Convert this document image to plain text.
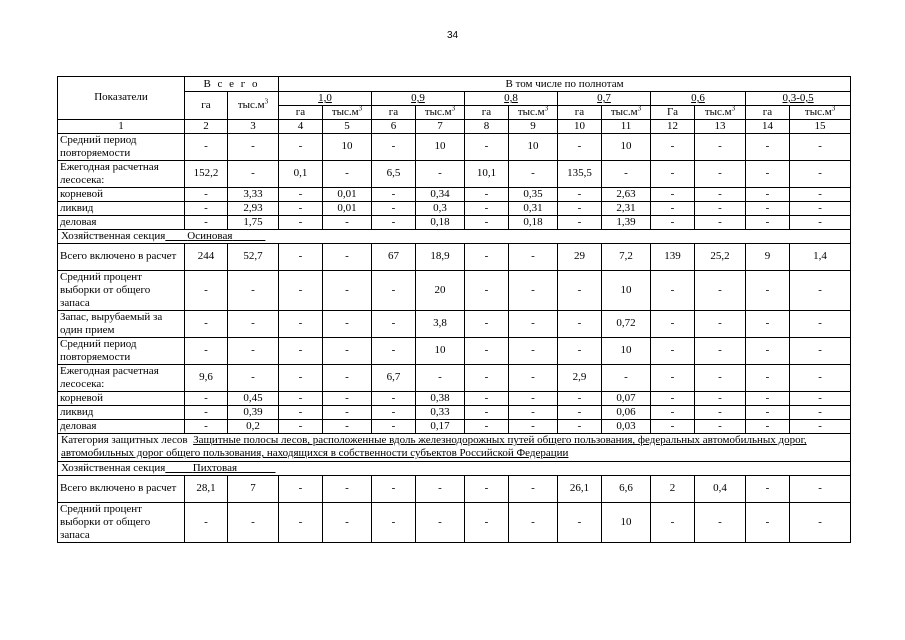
34
Показатели	В с е г о		В том числе по полнотам											
	га	$тыс.м^3$	1,0		0,9		0,8		0,7		0,6		0,3-0,5	
			га	$тыс.м^3$	га	$тыс.м^3$	га	$тыс.м^3$	га	$тыс.м^3$	Га	$тыс.м^3$	га	$тыс.м^3$
1	2	3	4	5	6	7	8	9	10	11	12	13	14	15
Средний период повторяемости	-	-	-	10	-	10	-	10	-	10	-	-	-	-
Ежегодная расчетная лесосека:	152,2	-	0,1	-	6,5	-	10,1	-	135,5	-	-	-	-	-
корневой	-	3,33	-	0,01	-	0,34	-	0,35	-	2,63	-	-	-	-
ликвид	-	2,93	-	0,01	-	0,3	-	0,31	-	2,31	-	-	-	-
деловая	-	1,75	-	-	-	0,18	-	0,18	-	1,39	-	-	-	-
Хозяйственная секция Осиновая														
Всего включено в расчет	244	52,7	-	-	67	18,9	-	-	29	7,2	139	25,2	9	1,4
Средний процент выборки от общего запаса	-	-	-	-	-	20	-	-	-	10	-	-	-	-
Запас, вырубаемый за один прием	-	-	-	-	-	3,8	-	-	-	0,72	-	-	-	-
Средний период повторяемости	-	-	-	-	-	10	-	-	-	10	-	-	-	-
Ежегодная расчетная лесосека:	9,6	-	-	-	6,7	-	-	-	2,9	-	-	-	-	-
корневой	-	0,45	-	-	-	0,38	-	-	-	0,07	-	-	-	-
ликвид	-	0,39	-	-	-	0,33	-	-	-	0,06	-	-	-	-
деловая	-	0,2	-	-	-	0,17	-	-	-	0,03	-	-	-	-
Категория защитных лесов Защитные полосы лесов, расположенные вдоль железнодорожных путей общего пользования, федеральных автомобильных дорог, автомобильных дорог общего пользования, находящихся в собственности субъектов Российской Федерации														
Хозяйственная секция Пихтовая														
Всего включено в расчет	28,1	7	-	-	-	-	-	-	26,1	6,6	2	0,4	-	-
Средний процент выборки от общего запаса	-	-	-	-	-	-	-	-	-	10	-	-	-	-
